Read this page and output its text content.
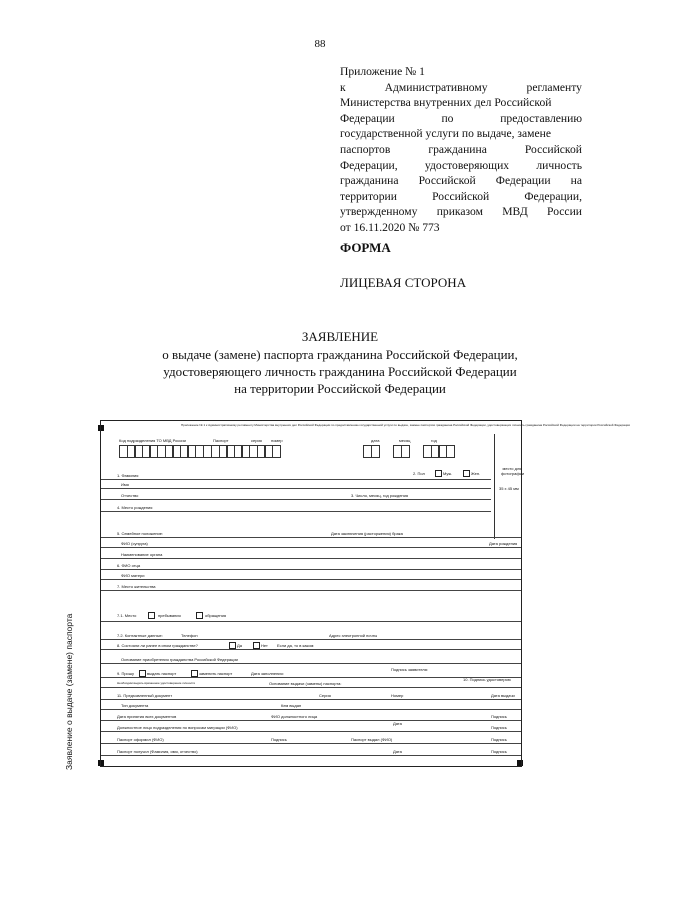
88
Приложение № 1
к	Административному	регламенту
Министерства внутренних дел Российской
Федерации	по	предоставлению
государственной услуги по выдаче, замене
паспортов	гражданина	Российской
Федерации, удостоверяющих личность
гражданина Российской Федерации на
территории	Российской	Федерации,
утвержденному приказом МВД России
от 16.11.2020 № 773
ФОРМА
ЛИЦЕВАЯ СТОРОНА
ЗАЯВЛЕНИЕ
о выдаче (замене) паспорта гражданина Российской Федерации,
удостоверяющего личность гражданина Российской Федерации
на территории Российской Федерации
Заявление о выдаче (замене) паспорта
Приложение № 1 к Административному регламенту Министерства внутренних дел Российской Федерации по предоставлению государственной услуги по выдаче, замене паспортов гражданина Российской Федерации, удостоверяющих личность гражданина Российской Федерации на территории Российской Федерации
Код подразделения ТО МВД России	Паспорт	серия номер	дата	месяц	год
место для фотографии
35 x 45 мм
1. Фамилия	2. Пол	Муж.	Жен.
Имя
Отчество	3. Число, месяц, год рождения
4. Место рождения
5. Семейное положение:	Дата заключения (расторжения) брака
ФИО (супруга)	Дата рождения
Наименование органа
6. ФИО отца
ФИО матери
7. Место жительства
7.1. Место	пребывания	обращения
7.2. Контактные данные:	Телефон	Адрес электронной почты
8. Состояли ли ранее в ином гражданстве?	Да	Нет Если да, то в каком:
Основание приобретения гражданства Российской Федерации
9. Прошу	выдать паспорт	заменить паспорт	Дата заполнения:
Подпись заявителя:
Необходим выдать временное удостоверение личности	Основание выдачи (замены) паспорта:
10. Подпись удостоверяю
11. Предъявленный документ	Серия	Номер	Дата выдачи
Тип документа	Кем выдан
Дата принятия всех документов	ФИО должностного лица	Подпись
Должностное лицо подразделения по вопросам миграции (ФИО)
Дата
Подпись
Паспорт оформил (ФИО)	Подпись	Паспорт выдал (ФИО)	Подпись
Паспорт получил (Фамилия, имя, отчество)	Дата	Подпись
